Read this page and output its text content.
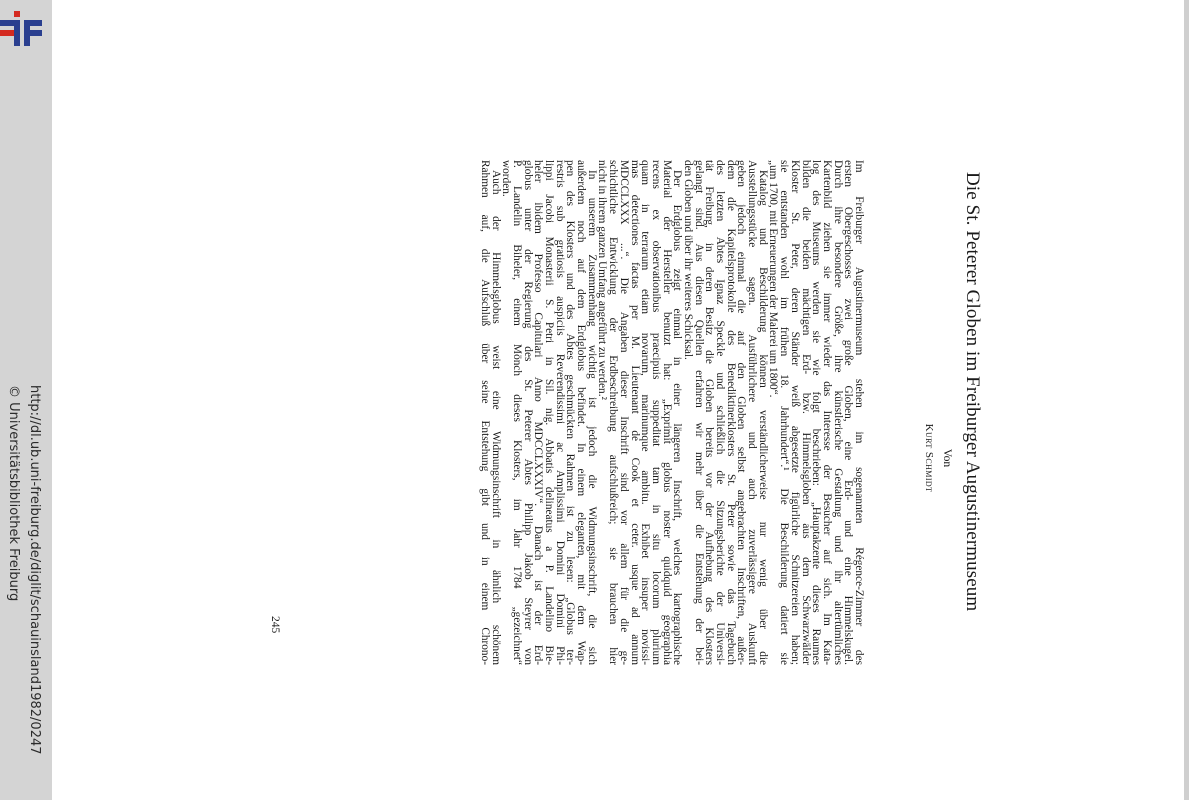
http://dl.ub.uni-freiburg.de/diglit/schauinsland1982/0247
© Universitätsbibliothek Freiburg	Die St. Peterer Globen im Freiburger Augustinermuseum
Von
Kurt Schmidt
Im Freiburger Augustinermuseum stehen im sogenannten Régence-Zimmer des
ersten Obergeschosses zwei große Globen, eine Erd- und eine Himmelskugel.
Durch ihre besondere Größe, ihre künstlerische Gestaltung und ihr altertümliches
Kartenbild ziehen sie immer wieder das Interesse der Besucher auf sich. Im Kata-
log des Museums werden sie wie folgt beschrieben: „Hauptakzente dieses Raumes
bilden die beiden mächtigen Erd- bzw. Himmelsgloben aus dem Schwarzwälder
Kloster St. Peter, deren Ständer weiß abgesetzte figürliche Schnitzereien haben;
sie entstanden wohl im frühen 18. Jahrhundert“.¹ Die Beschilderung datiert sie
„um 1700, mit Erneuerungen der Malerei um 1800“.
Katalog und Beschilderung können verständlicherweise nur wenig über die
Ausstellungsstücke sagen. Ausführlichere und auch zuverlässigere Auskunft
geben jedoch einmal die auf den Globen selbst angebrachten Inschriften, außer-
dem die Kapitelsprotokolle des Benediktinerklosters St. Peter sowie das Tagebuch
des letzten Abtes Ignaz Speckle und schließlich die Sitzungsberichte der Universi-
tät Freiburg, in deren Besitz die Globen bereits vor der Aufhebung des Klosters
gelangt sind. Aus diesen Quellen erfahren wir mehr über die Entstehung der bei-
den Globen und über ihr weiteres Schicksal.
Der Erdglobus zeigt einmal in einer längeren Inschrift, welches kartographische
Material der Hersteller benutzt hat: „Exprimit globus noster quidquid geographia
recens ex observationibus praecipuis suppeditat tam in situ locorum plurium
quam in terrarum etiam novarum, marinumque ambitu. Exhibet insuper novissi-
mas detectiones factas per M. Lieutenant de Cook et ceter. usque ad annum
MDCCLXXX ...“. Die Angaben dieser Inschrift sind vor allem für die ge-
schichtliche Entwicklung der Erdbeschreibung aufschlußreich; sie brauchen hier
nicht in ihrem ganzen Umfang angeführt zu werden.²
In unserem Zusammenhang wichtig ist jedoch die Widmungsinschrift, die sich
außerdem noch auf dem Erdglobus befindet. In einem eleganten, mit dem Wap-
pen des Klosters und des Abtes geschmückten Rahmen ist zu lesen: „Globus ter-
restris sub gratiosis auspiciis Reverendissimi ac Amplissimi Domini Domini Phi-
lippi Jacobi Monasterii S. Petri in Sil. nig. Abbatis delineatus a P. Landelino Bie-
heler ibidem Professo Capitulari Anno MDCCLXXXIV“. Danach ist der Erd-
globus unter der Regierung des St. Peterer Abtes Philipp Jakob Steyrer von
P. Landelin Biheler, einem Mönch dieses Klosters, im Jahr 1784 „gezeichnet“
worden.
Auch der Himmelsglobus weist eine Widmungsinschrift in ähnlich schönem
Rahmen auf, die Aufschluß über seine Entstehung gibt und in einem Chrono-
245
